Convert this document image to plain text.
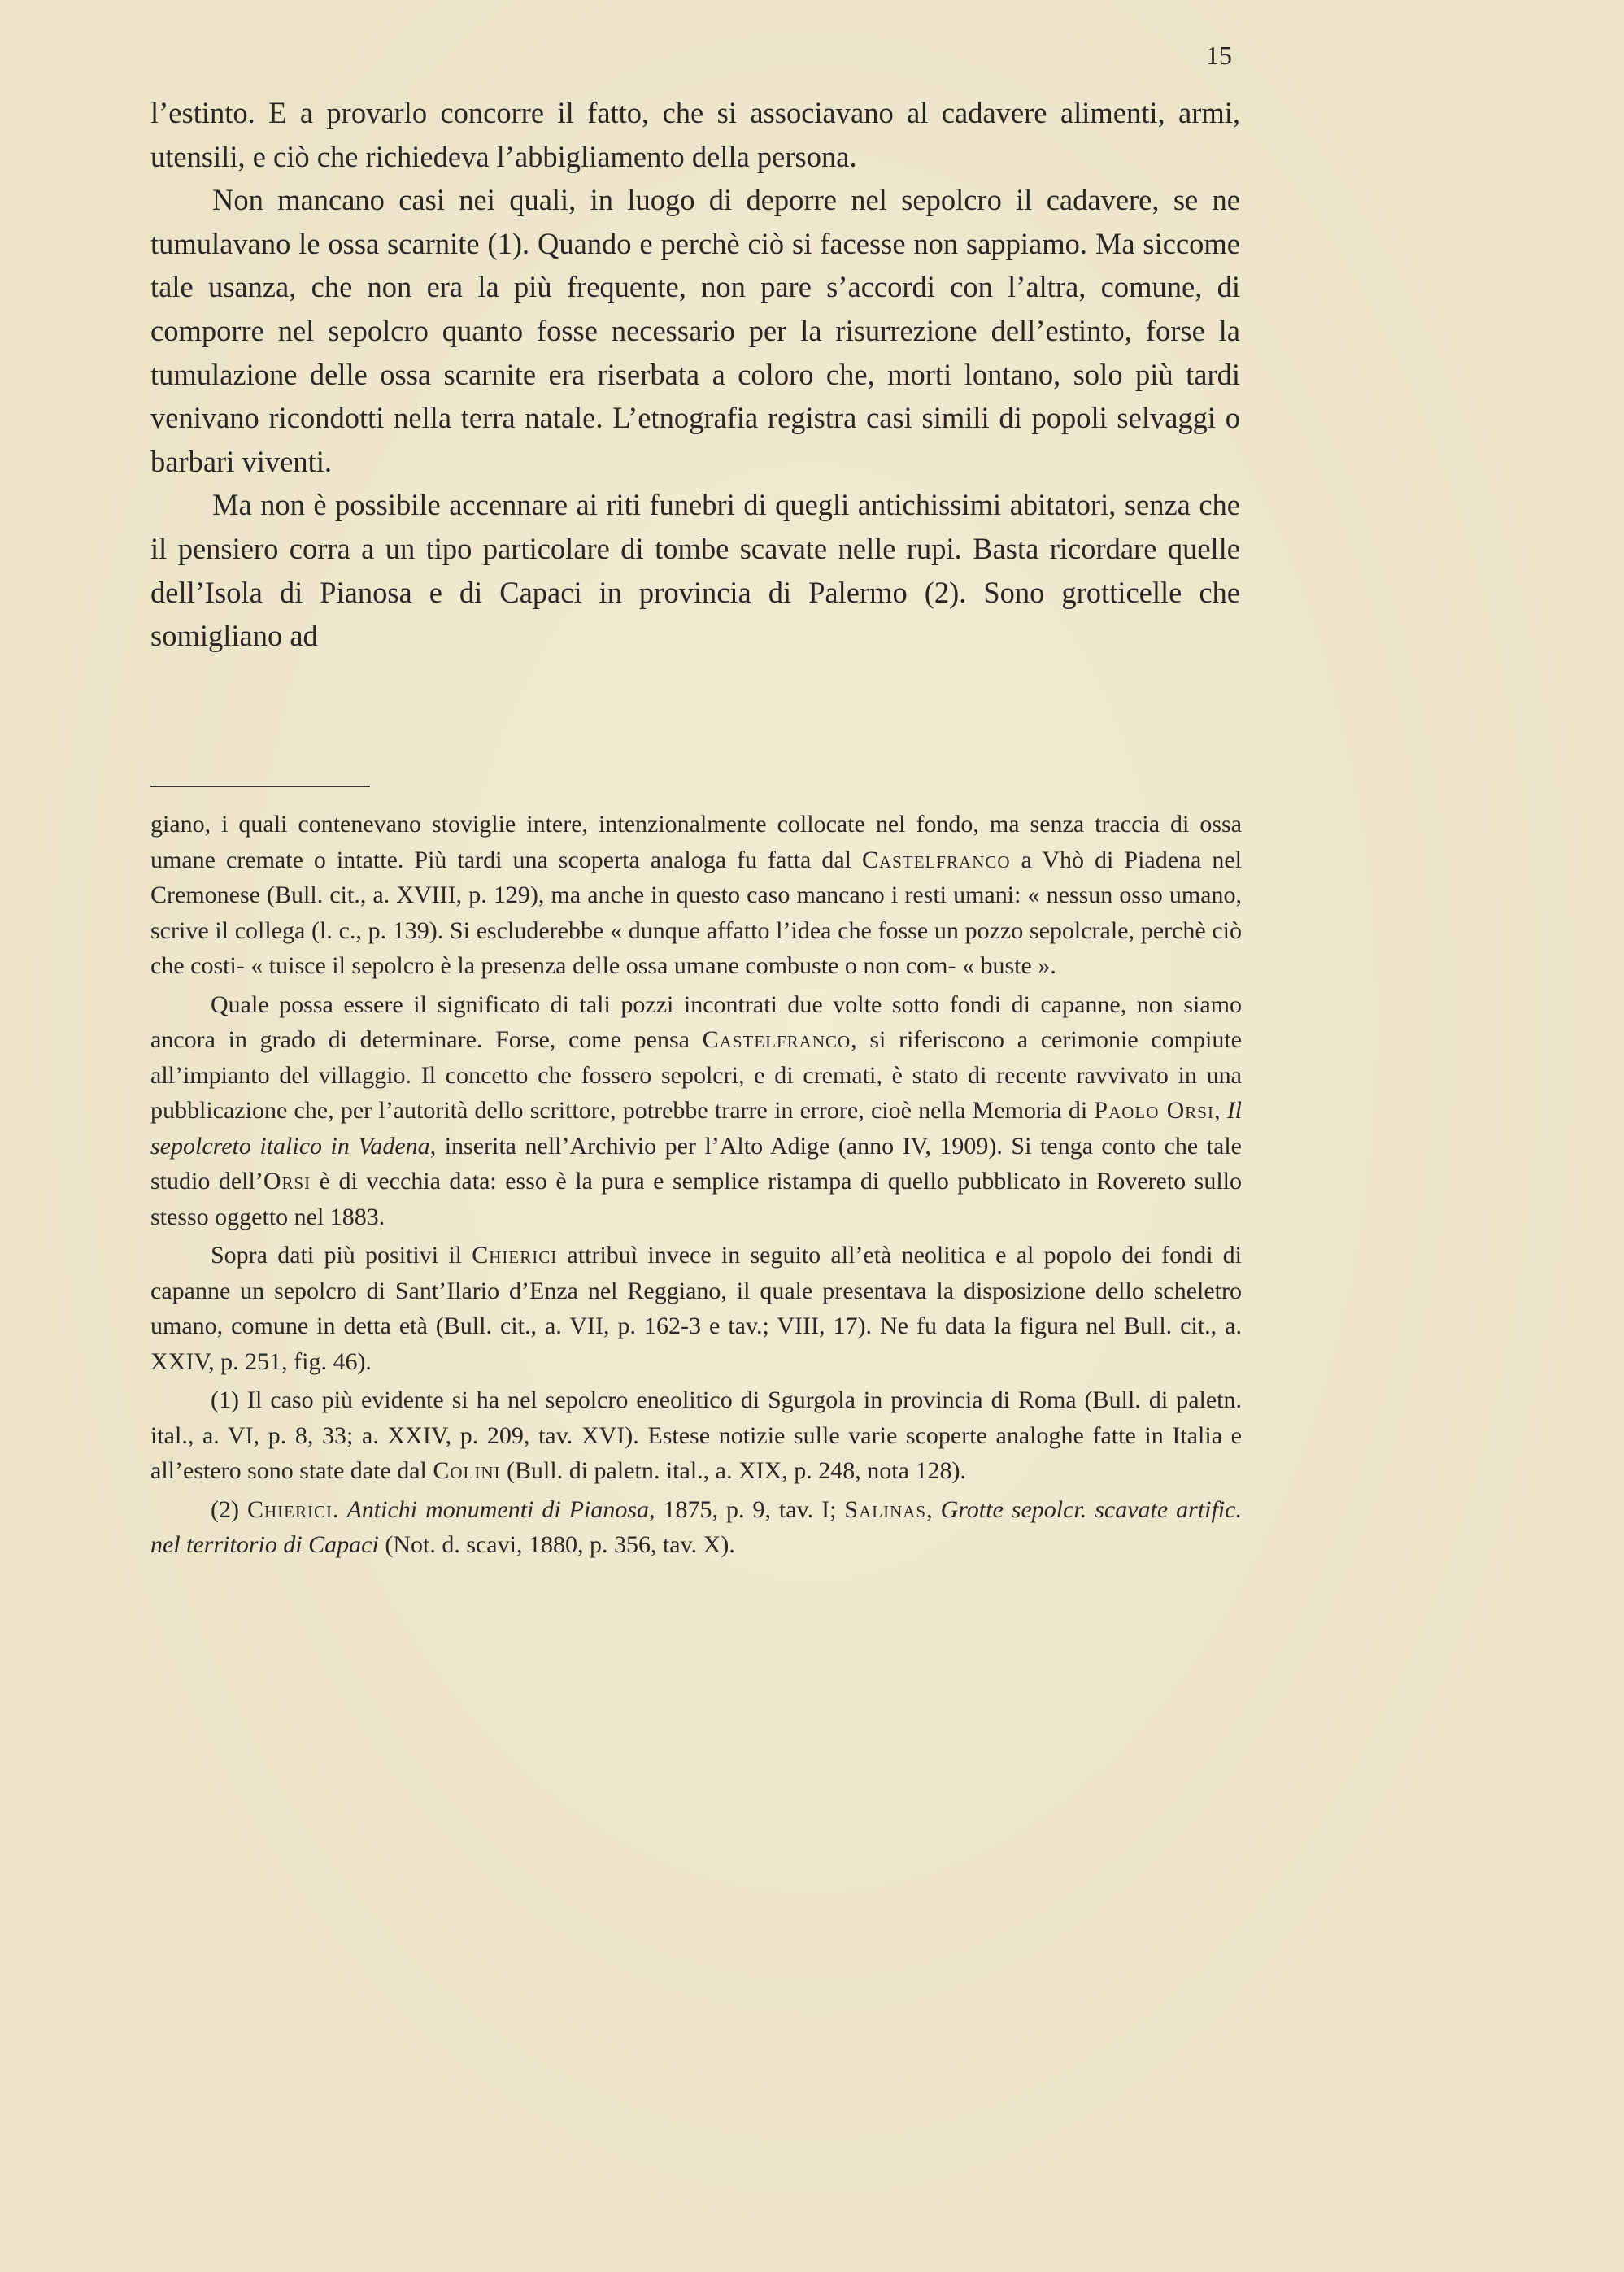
15

l’estinto. E a provarlo concorre il fatto, che si associavano al cadavere alimenti, armi, utensili, e ciò che richiedeva l’abbigliamento della persona.

Non mancano casi nei quali, in luogo di deporre nel sepolcro il cadavere, se ne tumulavano le ossa scarnite (1). Quando e perchè ciò si facesse non sappiamo. Ma siccome tale usanza, che non era la più frequente, non pare s’accordi con l’altra, comune, di comporre nel sepolcro quanto fosse necessario per la risurrezione dell’estinto, forse la tumulazione delle ossa scarnite era riserbata a coloro che, morti lontano, solo più tardi venivano ricondotti nella terra natale. L’etnografia registra casi simili di popoli selvaggi o barbari viventi.

Ma non è possibile accennare ai riti funebri di quegli antichissimi abitatori, senza che il pensiero corra a un tipo particolare di tombe scavate nelle rupi. Basta ricordare quelle dell’Isola di Pianosa e di Capaci in provincia di Palermo (2). Sono grotticelle che somigliano ad

giano, i quali contenevano stoviglie intere, intenzionalmente collocate nel fondo, ma senza traccia di ossa umane cremate o intatte. Più tardi una scoperta analoga fu fatta dal Castelfranco a Vhò di Piadena nel Cremonese (Bull. cit., a. XVIII, p. 129), ma anche in questo caso mancano i resti umani: « nessun osso umano, scrive il collega (l. c., p. 139). Si escluderebbe « dunque affatto l’idea che fosse un pozzo sepolcrale, perchè ciò che costi- « tuisce il sepolcro è la presenza delle ossa umane combuste o non com- « buste ».

Quale possa essere il significato di tali pozzi incontrati due volte sotto fondi di capanne, non siamo ancora in grado di determinare. Forse, come pensa Castelfranco, si riferiscono a cerimonie compiute all’impianto del villaggio. Il concetto che fossero sepolcri, e di cremati, è stato di recente ravvivato in una pubblicazione che, per l’autorità dello scrittore, potrebbe trarre in errore, cioè nella Memoria di Paolo Orsi, Il sepolcreto italico in Vadena, inserita nell’Archivio per l’Alto Adige (anno IV, 1909). Si tenga conto che tale studio dell’Orsi è di vecchia data: esso è la pura e semplice ristampa di quello pubblicato in Rovereto sullo stesso oggetto nel 1883.

Sopra dati più positivi il Chierici attribuì invece in seguito all’età neolitica e al popolo dei fondi di capanne un sepolcro di Sant’Ilario d’Enza nel Reggiano, il quale presentava la disposizione dello scheletro umano, comune in detta età (Bull. cit., a. VII, p. 162-3 e tav.; VIII, 17). Ne fu data la figura nel Bull. cit., a. XXIV, p. 251, fig. 46).

(1) Il caso più evidente si ha nel sepolcro eneolitico di Sgurgola in provincia di Roma (Bull. di paletn. ital., a. VI, p. 8, 33; a. XXIV, p. 209, tav. XVI). Estese notizie sulle varie scoperte analoghe fatte in Italia e all’estero sono state date dal Colini (Bull. di paletn. ital., a. XIX, p. 248, nota 128).

(2) Chierici. Antichi monumenti di Pianosa, 1875, p. 9, tav. I; Salinas, Grotte sepolcr. scavate artific. nel territorio di Capaci (Not. d. scavi, 1880, p. 356, tav. X).
